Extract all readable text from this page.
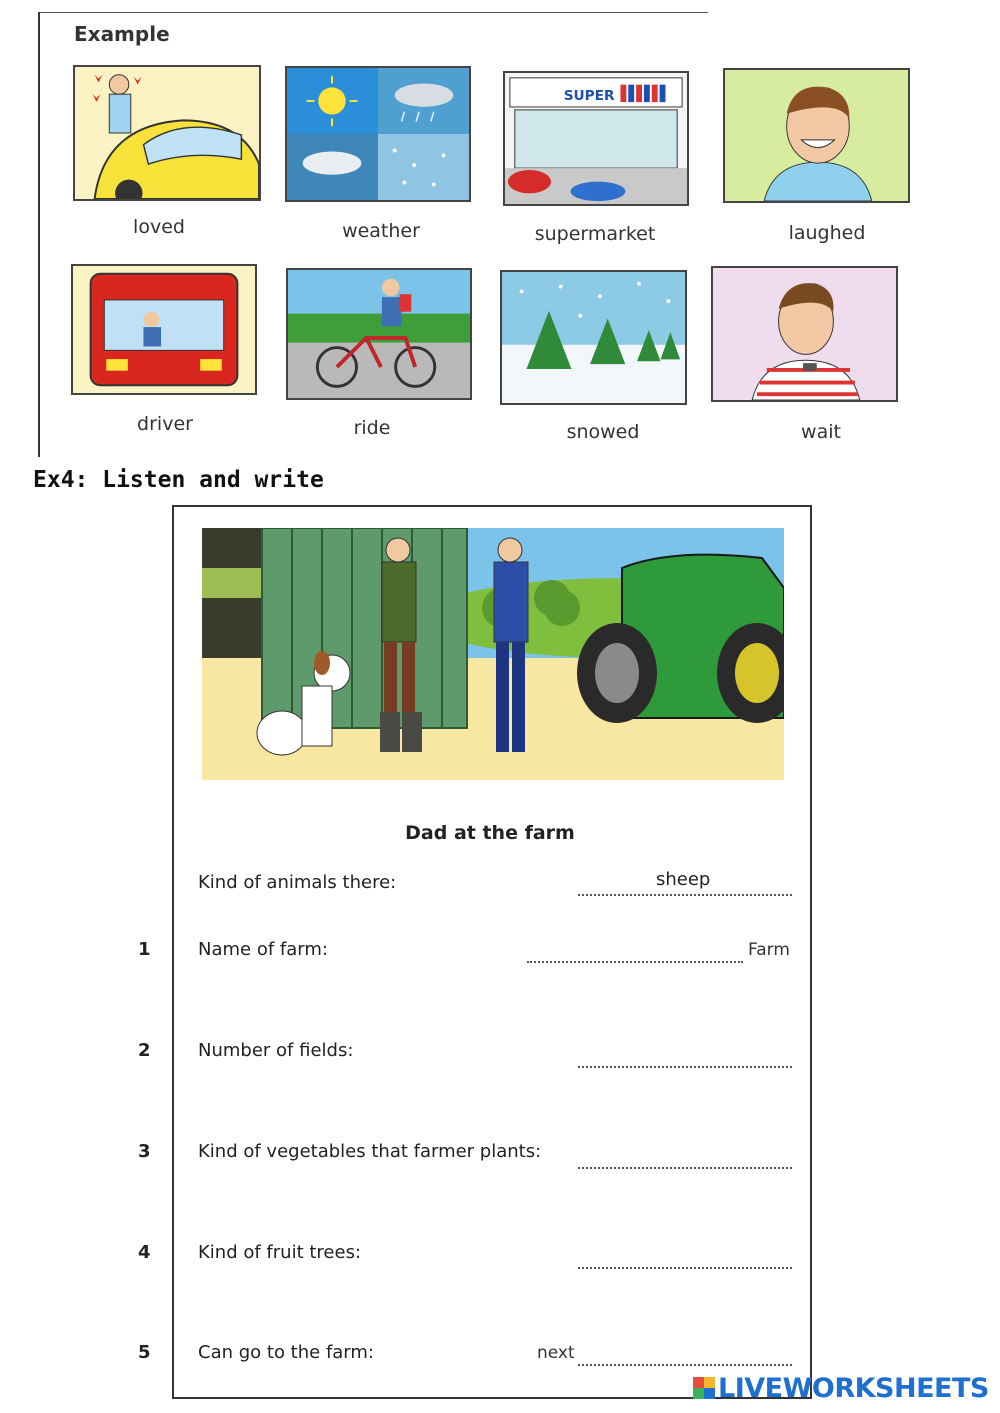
Example
loved	weather
SUPER
supermarket	laughed
driver	ride	snowed	wait
Ex4: Listen and write
Dad at the farm
Kind of animals there:	sheep
1	Name of farm:	Farm
2	Number of fields:
3	Kind of vegetables that farmer plants:
4	Kind of fruit trees:
5	Can go to the farm:	next
LIVEWORKSHEETS
